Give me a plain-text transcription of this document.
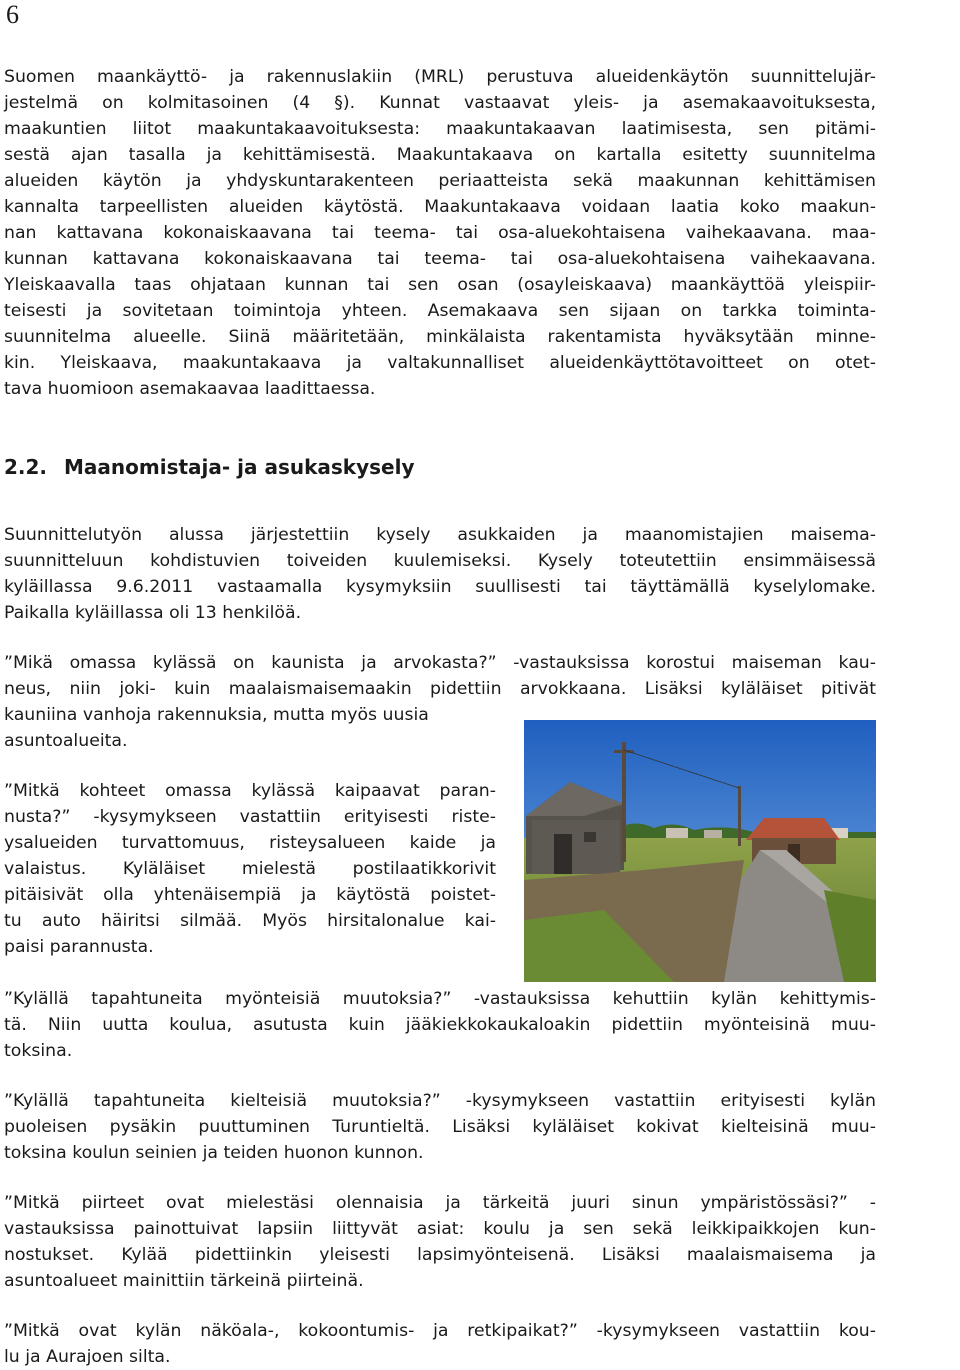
6
Suomen maankäyttö- ja rakennuslakiin (MRL) perustuva alueidenkäytön suunnittelujär-
jestelmä on kolmitasoinen (4 §). Kunnat vastaavat yleis- ja asemakaavoituksesta,
maakuntien liitot maakuntakaavoituksesta: maakuntakaavan laatimisesta, sen pitämi-
sestä ajan tasalla ja kehittämisestä. Maakuntakaava on kartalla esitetty suunnitelma
alueiden käytön ja yhdyskuntarakenteen periaatteista sekä maakunnan kehittämisen
kannalta tarpeellisten alueiden käytöstä. Maakuntakaava voidaan laatia koko maakun-
nan kattavana kokonaiskaavana tai teema- tai osa-aluekohtaisena vaihekaavana. maa-
kunnan kattavana kokonaiskaavana tai teema- tai osa-aluekohtaisena vaihekaavana.
Yleiskaavalla taas ohjataan kunnan tai sen osan (osayleiskaava) maankäyttöä yleispiir-
teisesti ja sovitetaan toimintoja yhteen. Asemakaava sen sijaan on tarkka toiminta-
suunnitelma alueelle. Siinä määritetään, minkälaista rakentamista hyväksytään minne-
kin. Yleiskaava, maakuntakaava ja valtakunnalliset alueidenkäyttötavoitteet on otet-
tava huomioon asemakaavaa laadittaessa.
2.2. Maanomistaja- ja asukaskysely
Suunnittelutyön alussa järjestettiin kysely asukkaiden ja maanomistajien maisema-
suunnitteluun kohdistuvien toiveiden kuulemiseksi. Kysely toteutettiin ensimmäisessä
kyläillassa 9.6.2011 vastaamalla kysymyksiin suullisesti tai täyttämällä kyselylomake.
Paikalla kyläillassa oli 13 henkilöä.
”Mikä omassa kylässä on kaunista ja arvokasta?” -vastauksissa korostui maiseman kau-
neus, niin joki- kuin maalaismaisemaakin pidettiin arvokkaana. Lisäksi kyläläiset pitivät
kauniina vanhoja rakennuksia, mutta myös uusia
asuntoalueita.
”Mitkä kohteet omassa kylässä kaipaavat paran-
nusta?” -kysymykseen vastattiin erityisesti riste-
ysalueiden turvattomuus, risteysalueen kaide ja
valaistus. Kyläläiset mielestä postilaatikkorivit
pitäisivät olla yhtenäisempiä ja käytöstä poistet-
tu auto häiritsi silmää. Myös hirsitalonalue kai-
paisi parannusta.
”Kylällä tapahtuneita myönteisiä muutoksia?” -vastauksissa kehuttiin kylän kehittymis-
tä. Niin uutta koulua, asutusta kuin jääkiekkokaukaloakin pidettiin myönteisinä muu-
toksina.
”Kylällä tapahtuneita kielteisiä muutoksia?” -kysymykseen vastattiin erityisesti kylän
puoleisen pysäkin puuttuminen Turuntieltä. Lisäksi kyläläiset kokivat kielteisinä muu-
toksina koulun seinien ja teiden huonon kunnon.
”Mitkä piirteet ovat mielestäsi olennaisia ja tärkeitä juuri sinun ympäristössäsi?” -
vastauksissa painottuivat lapsiin liittyvät asiat: koulu ja sen sekä leikkipaikkojen kun-
nostukset. Kylää pidettiinkin yleisesti lapsimyönteisenä. Lisäksi maalaismaisema ja
asuntoalueet mainittiin tärkeinä piirteinä.
”Mitkä ovat kylän näköala-, kokoontumis- ja retkipaikat?” -kysymykseen vastattiin kou-
lu ja Aurajoen silta.
